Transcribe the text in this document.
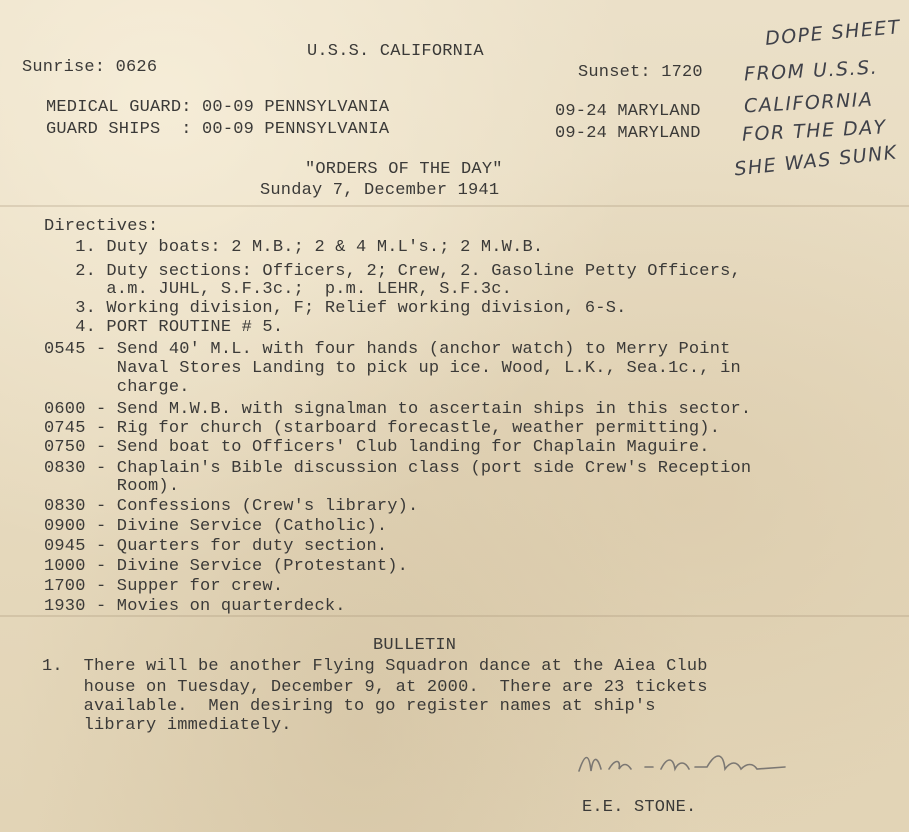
Sunrise: 0626
U.S.S. CALIFORNIA
Sunset: 1720
DOPE SHEET
FROM U.S.S.
CALIFORNIA
FOR THE DAY
SHE WAS SUNK
MEDICAL GUARD: 00-09 PENNSYLVANIA	09-24 MARYLAND
GUARD SHIPS  : 00-09 PENNSYLVANIA	09-24 MARYLAND
"ORDERS OF THE DAY"
Sunday 7, December 1941
Directives:
1. Duty boats: 2 M.B.; 2 & 4 M.L's.; 2 M.W.B.
2. Duty sections: Officers, 2; Crew, 2. Gasoline Petty Officers,
a.m. JUHL, S.F.3c.;  p.m. LEHR, S.F.3c.
3. Working division, F; Relief working division, 6-S.
4. PORT ROUTINE # 5.
0545 - Send 40' M.L. with four hands (anchor watch) to Merry Point
Naval Stores Landing to pick up ice. Wood, L.K., Sea.1c., in
charge.
0600 - Send M.W.B. with signalman to ascertain ships in this sector.
0745 - Rig for church (starboard forecastle, weather permitting).
0750 - Send boat to Officers' Club landing for Chaplain Maguire.
0830 - Chaplain's Bible discussion class (port side Crew's Reception
Room).
0830 - Confessions (Crew's library).
0900 - Divine Service (Catholic).
0945 - Quarters for duty section.
1000 - Divine Service (Protestant).
1700 - Supper for crew.
1930 - Movies on quarterdeck.
BULLETIN
1.  There will be another Flying Squadron dance at the Aiea Club
house on Tuesday, December 9, at 2000.  There are 23 tickets
available.  Men desiring to go register names at ship's
library immediately.
E.E. STONE.
